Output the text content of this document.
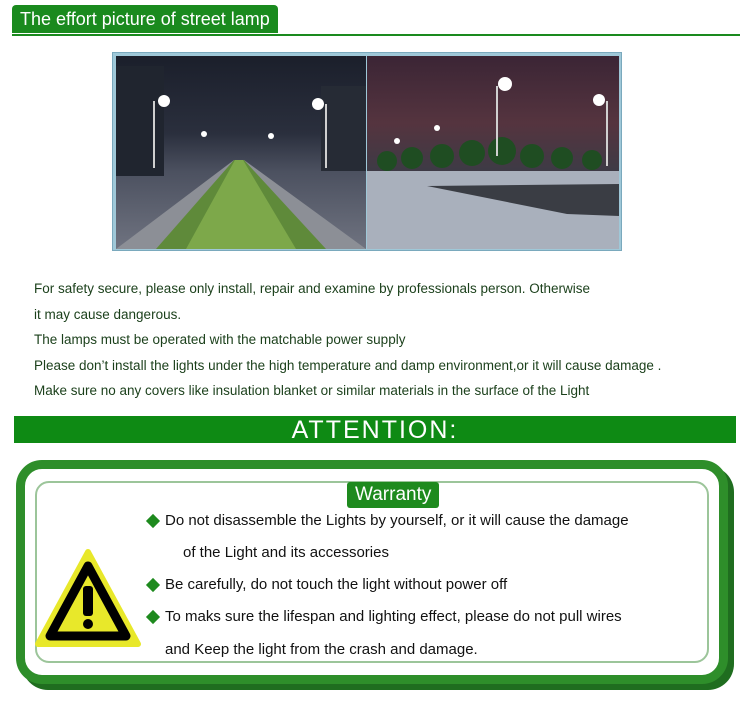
The effort picture of street lamp
For safety secure, please only install, repair and examine by professionals person. Otherwise
it may cause dangerous.
The lamps must be operated with the matchable power supply
Please don’t install the lights under the high temperature and damp environment,or it will cause damage .
Make sure no any covers like insulation blanket or similar materials in the surface of the Light
ATTENTION:
Warranty
Do not disassemble the Lights by yourself, or it will cause the damage
of the Light and its accessories
Be carefully, do not touch the light without power off
To maks sure the lifespan and lighting effect, please do not pull wires
and Keep the light from the crash and damage.
